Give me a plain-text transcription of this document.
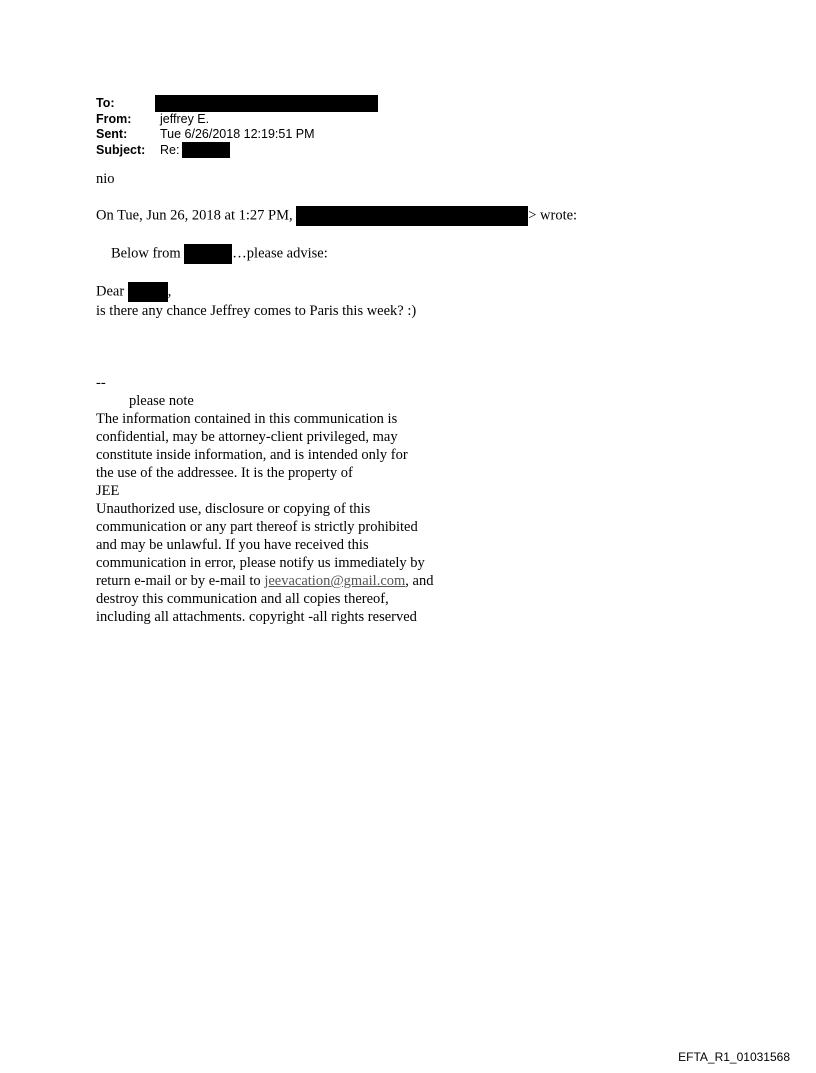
To:
From:	jeffrey E.
Sent:	Tue 6/26/2018 12:19:51 PM
Subject:	Re:

nio

On Tue, Jun 26, 2018 at 1:27 PM,	> wrote:

Below from	…please advise:

Dear	,

is there any chance Jeffrey comes to Paris this week? :)

--

please note

The information contained in this communication is

confidential, may be attorney-client privileged, may

constitute inside information, and is intended only for

the use of the addressee. It is the property of

JEE

Unauthorized use, disclosure or copying of this

communication or any part thereof is strictly prohibited

and may be unlawful. If you have received this

communication in error, please notify us immediately by

return e-mail or by e-mail to jeevacation@gmail.com, and

destroy this communication and all copies thereof,

including all attachments. copyright -all rights reserved

EFTA_R1_01031568
